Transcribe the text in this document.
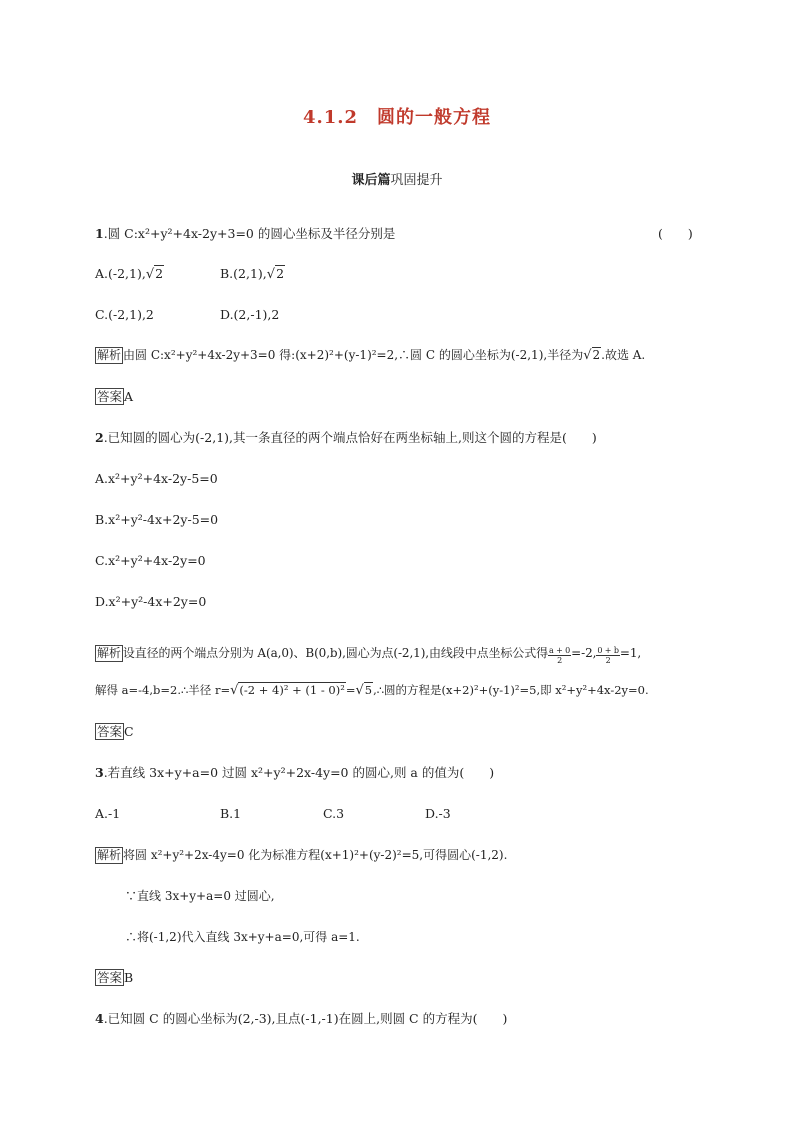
4.1.2　圆的一般方程
课后篇巩固提升
1.圆 C:x²+y²+4x-2y+3=0 的圆心坐标及半径分别是	(　　)
A.(-2,1),√2	B.(2,1),√2
C.(-2,1),2	D.(2,-1),2
解析 由圆 C:x²+y²+4x-2y+3=0 得:(x+2)²+(y-1)²=2,∴圆 C 的圆心坐标为(-2,1),半径为√2.故选 A.
答案 A
2.已知圆的圆心为(-2,1),其一条直径的两个端点恰好在两坐标轴上,则这个圆的方程是(　　)
A.x²+y²+4x-2y-5=0
B.x²+y²-4x+2y-5=0
C.x²+y²+4x-2y=0
D.x²+y²-4x+2y=0
解析 设直径的两个端点分别为 A(a,0)、B(0,b),圆心为点(-2,1),由线段中点坐标公式得 $\frac{a + 0}{2} =-2$, $\frac{0 + b}{2} =1$,
解得 a=-4,b=2.∴半径 r=√(-2 + 4)² + (1 - 0)²=√5,∴圆的方程是(x+2)²+(y-1)²=5,即 x²+y²+4x-2y=0.
答案 C
3.若直线 3x+y+a=0 过圆 x²+y²+2x-4y=0 的圆心,则 a 的值为(　　)
A.-1	B.1	C.3	D.-3
解析 将圆 x²+y²+2x-4y=0 化为标准方程(x+1)²+(y-2)²=5,可得圆心(-1,2).
∵直线 3x+y+a=0 过圆心,
∴将(-1,2)代入直线 3x+y+a=0,可得 a=1.
答案 B
4.已知圆 C 的圆心坐标为(2,-3),且点(-1,-1)在圆上,则圆 C 的方程为(　　)
